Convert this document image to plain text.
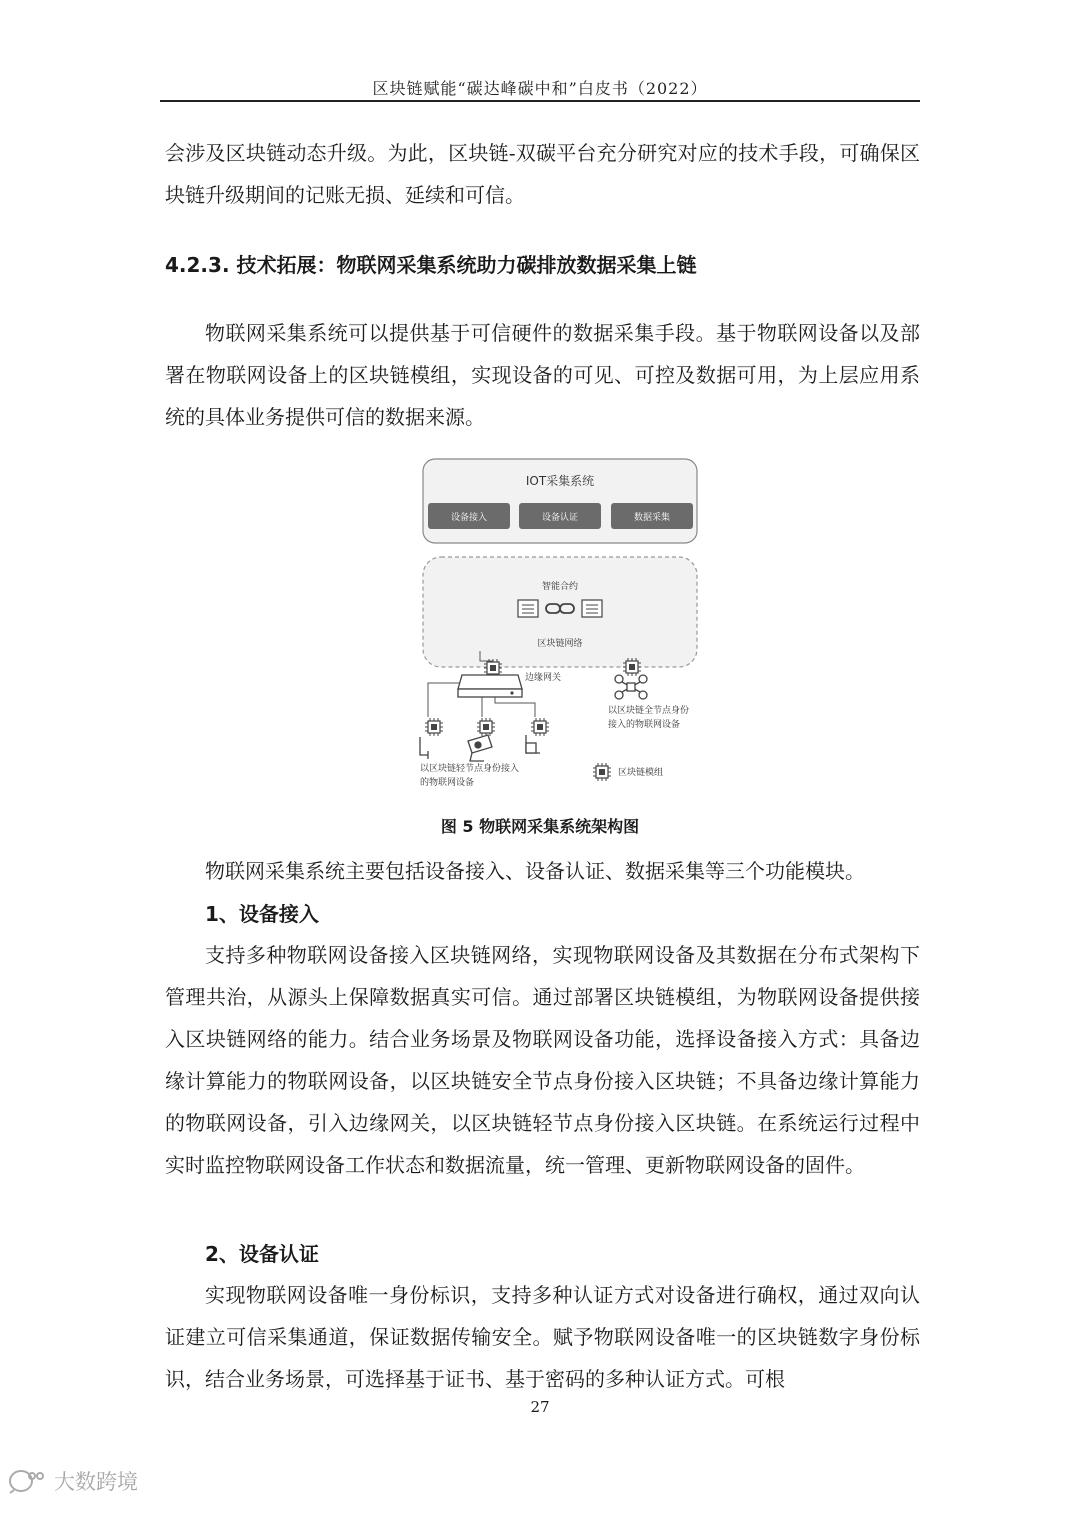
区块链赋能“碳达峰碳中和”白皮书（2022）

会涉及区块链动态升级。为此，区块链-双碳平台充分研究对应的技术手段，可确保区块链升级期间的记账无损、延续和可信。

4.2.3. 技术拓展：物联网采集系统助力碳排放数据采集上链

物联网采集系统可以提供基于可信硬件的数据采集手段。基于物联网设备以及部署在物联网设备上的区块链模组，实现设备的可见、可控及数据可用，为上层应用系统的具体业务提供可信的数据来源。

IOT采集系统
设备接入	设备认证	数据采集
智能合约
区块链网络
边缘网关
以区块链全节点身份
接入的物联网设备
以区块链轻节点身份接入
的物联网设备
区块链模组

图 5 物联网采集系统架构图

物联网采集系统主要包括设备接入、设备认证、数据采集等三个功能模块。

1、设备接入

支持多种物联网设备接入区块链网络，实现物联网设备及其数据在分布式架构下管理共治，从源头上保障数据真实可信。通过部署区块链模组，为物联网设备提供接入区块链网络的能力。结合业务场景及物联网设备功能，选择设备接入方式：具备边缘计算能力的物联网设备，以区块链安全节点身份接入区块链；不具备边缘计算能力的物联网设备，引入边缘网关，以区块链轻节点身份接入区块链。在系统运行过程中实时监控物联网设备工作状态和数据流量，统一管理、更新物联网设备的固件。

2、设备认证

实现物联网设备唯一身份标识，支持多种认证方式对设备进行确权，通过双向认证建立可信采集通道，保证数据传输安全。赋予物联网设备唯一的区块链数字身份标识，结合业务场景，可选择基于证书、基于密码的多种认证方式。可根

27
大数跨境
